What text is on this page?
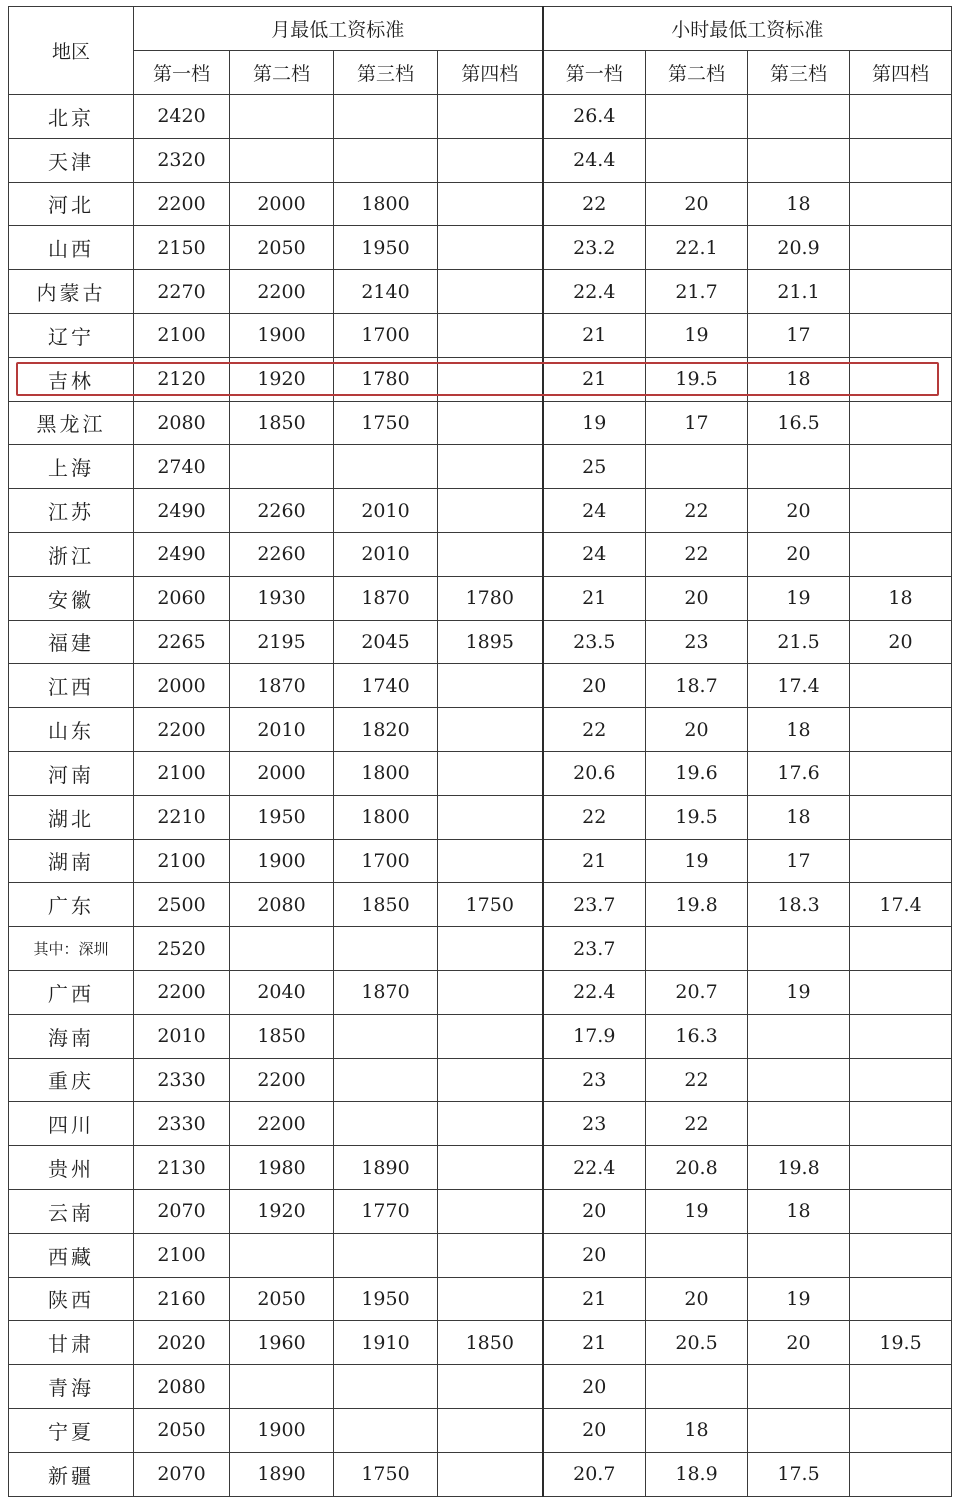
地区	月最低工资标准				小时最低工资标准			
	第一档	第二档	第三档	第四档	第一档	第二档	第三档	第四档
北京	2420				26.4			
天津	2320				24.4			
河北	2200	2000	1800		22	20	18	
山西	2150	2050	1950		23.2	22.1	20.9	
内蒙古	2270	2200	2140		22.4	21.7	21.1	
辽宁	2100	1900	1700		21	19	17	
吉林	2120	1920	1780		21	19.5	18	
黑龙江	2080	1850	1750		19	17	16.5	
上海	2740				25			
江苏	2490	2260	2010		24	22	20	
浙江	2490	2260	2010		24	22	20	
安徽	2060	1930	1870	1780	21	20	19	18
福建	2265	2195	2045	1895	23.5	23	21.5	20
江西	2000	1870	1740		20	18.7	17.4	
山东	2200	2010	1820		22	20	18	
河南	2100	2000	1800		20.6	19.6	17.6	
湖北	2210	1950	1800		22	19.5	18	
湖南	2100	1900	1700		21	19	17	
广东	2500	2080	1850	1750	23.7	19.8	18.3	17.4
其中：深圳	2520				23.7			
广西	2200	2040	1870		22.4	20.7	19	
海南	2010	1850			17.9	16.3		
重庆	2330	2200			23	22		
四川	2330	2200			23	22		
贵州	2130	1980	1890		22.4	20.8	19.8	
云南	2070	1920	1770		20	19	18	
西藏	2100				20			
陕西	2160	2050	1950		21	20	19	
甘肃	2020	1960	1910	1850	21	20.5	20	19.5
青海	2080				20			
宁夏	2050	1900			20	18		
新疆	2070	1890	1750		20.7	18.9	17.5	
